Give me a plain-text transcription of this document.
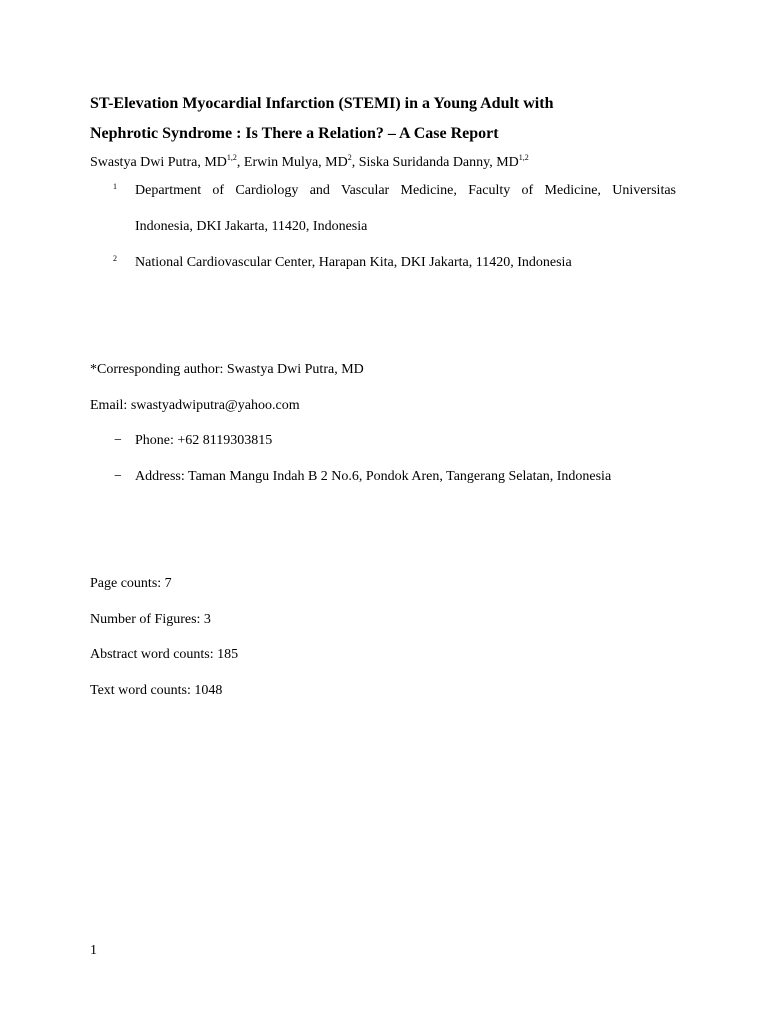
ST-Elevation Myocardial Infarction (STEMI) in a Young Adult with
Nephrotic Syndrome : Is There a Relation? – A Case Report
Swastya Dwi Putra, MD$^{1,2}$, Erwin Mulya, $MD^2$, Siska Suridanda Danny, MD$^{1,2}$
1 Department of Cardiology and Vascular Medicine, Faculty of Medicine, Universitas
Indonesia, DKI Jakarta, 11420, Indonesia
2 National Cardiovascular Center, Harapan Kita, DKI Jakarta, 11420, Indonesia
*Corresponding author: Swastya Dwi Putra, MD
Email: swastyadwiputra@yahoo.com
− Phone: +62 8119303815
− Address: Taman Mangu Indah B 2 No.6, Pondok Aren, Tangerang Selatan, Indonesia
Page counts: 7
Number of Figures: 3
Abstract word counts: 185
Text word counts: 1048
1
